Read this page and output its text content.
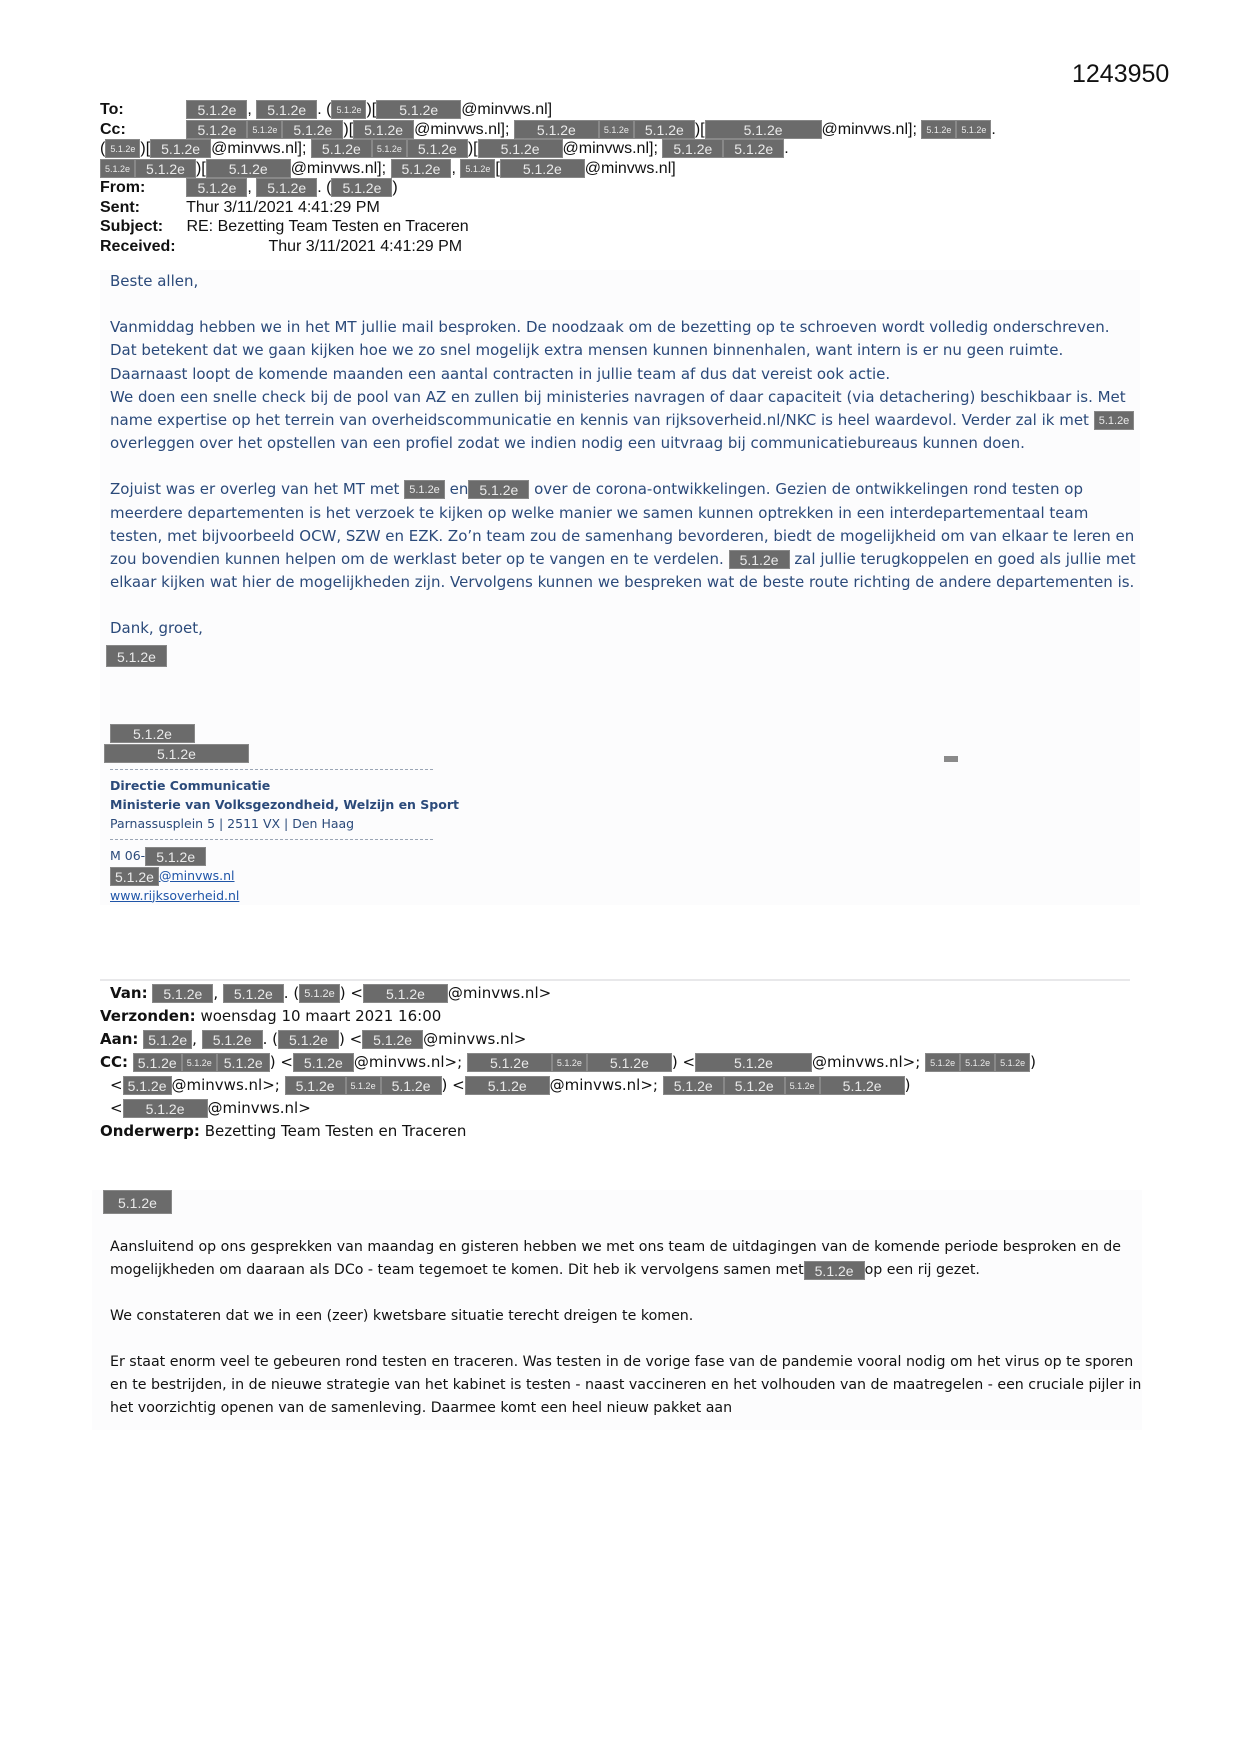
1243950
To:	5.1.2e , 5.1.2e . ( 5.1.2e )[ 5.1.2e @minvws.nl]
Cc:	5.1.2e 5.1.2e 5.1.2e )[ 5.1.2e @minvws.nl]; 5.1.2e	5.1.2e 5.1.2e )[	5.1.2e @minvws.nl]; 5.1.2e 5.1.2e .
( 5.1.2e )[ 5.1.2e @minvws.nl]; 5.1.2e 5.1.2e 5.1.2e )[ 5.1.2e @minvws.nl]; 5.1.2e 5.1.2e .
5.1.2e 5.1.2e )[ 5.1.2e @minvws.nl]; 5.1.2e , 5.1.2e [ 5.1.2e @minvws.nl]
From:	5.1.2e , 5.1.2e . ( 5.1.2e )
Sent:	Thur 3/11/2021 4:41:29 PM
Subject: RE: Bezetting Team Testen en Traceren
Received:	Thur 3/11/2021 4:41:29 PM

Beste allen,

Vanmiddag hebben we in het MT jullie mail besproken. De noodzaak om de bezetting op te schroeven wordt volledig onderschreven. Dat betekent dat we gaan kijken hoe we zo snel mogelijk extra mensen kunnen binnenhalen, want intern is er nu geen ruimte. Daarnaast loopt de komende maanden een aantal contracten in jullie team af dus dat vereist ook actie.
We doen een snelle check bij de pool van AZ en zullen bij ministeries navragen of daar capaciteit (via detachering) beschikbaar is. Met name expertise op het terrein van overheidscommunicatie en kennis van rijksoverheid.nl/NKC is heel waardevol. Verder zal ik met 5.1.2eoverleggen over het opstellen van een profiel zodat we indien nodig een uitvraag bij communicatiebureaus kunnen doen.

Zojuist was er overleg van het MT met 5.1.2e en 5.1.2e over de corona-ontwikkelingen. Gezien de ontwikkelingen rond testen op meerdere departementen is het verzoek te kijken op welke manier we samen kunnen optrekken in een interdepartementaal team testen, met bijvoorbeeld OCW, SZW en EZK. Zo’n team zou de samenhang bevorderen, biedt de mogelijkheid om van elkaar te leren en zou bovendien kunnen helpen om de werklast beter op te vangen en te verdelen. 5.1.2e zal jullie terugkoppelen en goed als jullie met elkaar kijken wat hier de mogelijkheden zijn. Vervolgens kunnen we bespreken wat de beste route richting de andere departementen is.

Dank, groet,

5.1.2e
5.1.2e
5.1.2e
Directie Communicatie
Ministerie van Volksgezondheid, Welzijn en Sport
Parnassusplein 5 | 2511 VX | Den Haag
M 06- 5.1.2e
5.1.2e @minvws.nl
www.rijksoverheid.nl
Van: 5.1.2e , 5.1.2e . ( 5.1.2e ) < 5.1.2e @minvws.nl>
Verzonden: woensdag 10 maart 2021 16:00
Aan: 5.1.2e , 5.1.2e . ( 5.1.2e ) < 5.1.2e @minvws.nl>
CC: 5.1.2e 5.1.2e 5.1.2e ) < 5.1.2e @minvws.nl>; 5.1.2e	5.1.2e 5.1.2e ) <	5.1.2e	@minvws.nl>; 5.1.2e 5.1.2e 5.1.2e )
< 5.1.2e @minvws.nl>; 5.1.2e 5.1.2e 5.1.2e ) < 5.1.2e @minvws.nl>; 5.1.2e 5.1.2e 5.1.2e 5.1.2e )
< 5.1.2e @minvws.nl>
Onderwerp: Bezetting Team Testen en Traceren
5.1.2e

Aansluitend op ons gesprekken van maandag en gisteren hebben we met ons team de uitdagingen van de komende periode besproken en de mogelijkheden om daaraan als DCo - team tegemoet te komen. Dit heb ik vervolgens samen met 5.1.2e op een rij gezet.

We constateren dat we in een (zeer) kwetsbare situatie terecht dreigen te komen.

Er staat enorm veel te gebeuren rond testen en traceren. Was testen in de vorige fase van de pandemie vooral nodig om het virus op te sporen en te bestrijden, in de nieuwe strategie van het kabinet is testen - naast vaccineren en het volhouden van de maatregelen - een cruciale pijler in het voorzichtig openen van de samenleving. Daarmee komt een heel nieuw pakket aan
